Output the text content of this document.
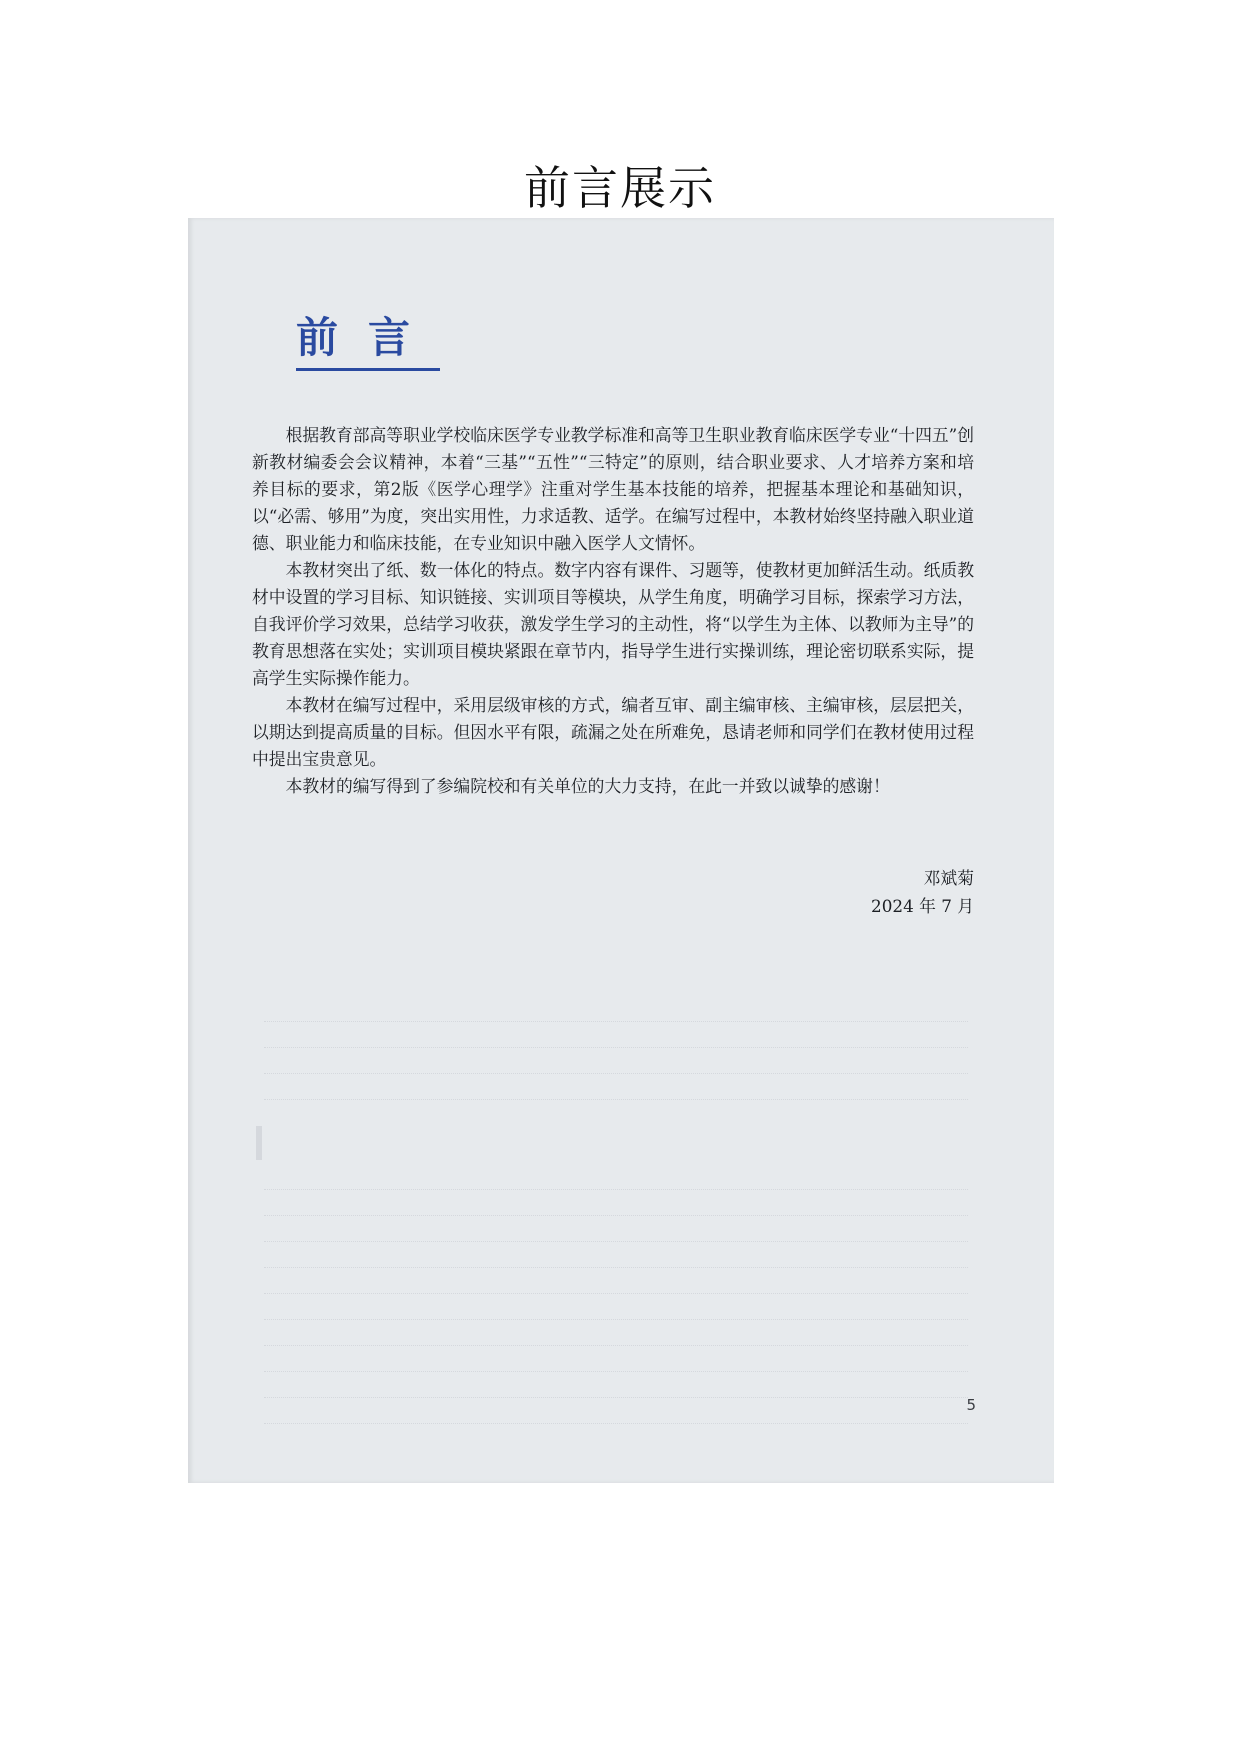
前言展示
前言

根据教育部高等职业学校临床医学专业教学标准和高等卫生职业教育临床医学专业“十四五”创新教材编委会会议精神，本着“三基”“五性”“三特定”的原则，结合职业要求、人才培养方案和培养目标的要求，第2版《医学心理学》注重对学生基本技能的培养，把握基本理论和基础知识，以“必需、够用”为度，突出实用性，力求适教、适学。在编写过程中，本教材始终坚持融入职业道德、职业能力和临床技能，在专业知识中融入医学人文情怀。

本教材突出了纸、数一体化的特点。数字内容有课件、习题等，使教材更加鲜活生动。纸质教材中设置的学习目标、知识链接、实训项目等模块，从学生角度，明确学习目标，探索学习方法，自我评价学习效果，总结学习收获，激发学生学习的主动性，将“以学生为主体、以教师为主导”的教育思想落在实处；实训项目模块紧跟在章节内，指导学生进行实操训练，理论密切联系实际，提高学生实际操作能力。

本教材在编写过程中，采用层级审核的方式，编者互审、副主编审核、主编审核，层层把关，以期达到提高质量的目标。但因水平有限，疏漏之处在所难免，恳请老师和同学们在教材使用过程中提出宝贵意见。

本教材的编写得到了参编院校和有关单位的大力支持，在此一并致以诚挚的感谢！

邓斌菊
2024 年 7 月
5
